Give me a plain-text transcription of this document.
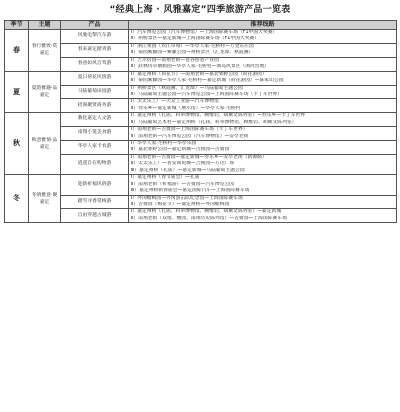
“经典上海 · 风雅嘉定”四季旅游产品一览表
季节	主题	产品	推荐线路
春	春行雅致·赏嘉定	风驰电掣汽车游	Ⅰ）汽车博览公园（汽车博物馆）—上海国际赛车场（F1中国大奖赛）
Ⅱ）州桥景区—嘉定新城—上海国际赛车场（F1中国大奖赛）

		春来嘉定踏青游	Ⅰ）浙江菜园（农庄草莓）—华亭人家·毛桥村—万金东庄园
Ⅱ）菊园紫藤园—紫藤公园—州桥景区（汇龙潭、秋霞圃）

		春意如风自驾游	Ⅰ）吉尔蓓园—南翔老街—苍谷创意产业园
Ⅱ）武林仿草塘鹤园—华亭人家·毛桥村—浏岛风景区（浏河营地）

夏	夏韵雅趣·品嘉定	夏日荷花风情游	Ⅰ）嘉定州桥（荷花节）—南翔老街—嘉北郊野公园（荷花游园）
Ⅱ）菊园紫藤园—华亭人家·毛桥村—嘉定新城（荷花游园）—陈家山公园

		马陆葡萄田园游	Ⅰ）州桥景区（秋霞圃、汇龙潭）—马陆葡萄主题公园
Ⅱ）马陆葡萄主题公园—汽车博览公园—上海国际赛车场（卡丁车世界）

		招商聚贤商务游	Ⅰ）太太乐工厂—大众工业游—汽车博物馆
Ⅱ）券乐乡—嘉定新城（展示馆）—华亭人家·毛桥村

秋	秋意雅情·品嘉定	教化嘉定人文游	Ⅰ）嘉定州桥（孔庙、科举博物馆、顾维钧、胡厥文陈列室）—券乐乡—卡丁车世界
Ⅱ）马陆葡萄艺术村—嘉定州桥（孔庙、科举博物馆、顾维钧、胡厥文陈列室）

		南翔小笼美食游	Ⅰ）南翔老街—古猗园—上海国际赛车场（卡丁车世界）
Ⅱ）南翔老街—汽车博览公园（汽车博物馆）—安亭老街

		华亭人家卡农游	Ⅰ）华亭人家·毛桥村—华亭乐园
Ⅱ）嘉北郊野公园—嘉定新城—古猗园—古猗园

		逍遥自在购物游	Ⅰ）南翔老街—古猗园—嘉定新城—券乐乡—安亭老街（新源路）
Ⅱ）太太乐工厂—普安商贸城—吉拥园—万达广场
Ⅲ）嘉定州桥（孔庙）—嘉定新城—马陆葡萄主题公园

冬	冬情雅意·聚嘉定	迎新祈福风俗游	Ⅰ）嘉定州桥（春节庙会）—孔庙
Ⅱ）南翔老街（祈福游）—古猗园—汽车博览公园
Ⅲ）嘉定州桥新春庙会—嘉定国际汽车—上海国际赛车场

		踏雪寻香赏梅游	Ⅰ）外冈蜡梅园—外冈游击队纪念馆—上海国际赛车场
Ⅱ）古猗园（梅花节）—嘉定州桥—外冈蜡梅园

		自由穿越古城游	Ⅰ）嘉定州桥（孔庙、科举博物馆、顾维钧、胡厥文陈列室）—嘉定新城
Ⅱ）南翔老街（双塔、檀园、南翔历史陈列馆）—古猗园—上海国际赛车场
